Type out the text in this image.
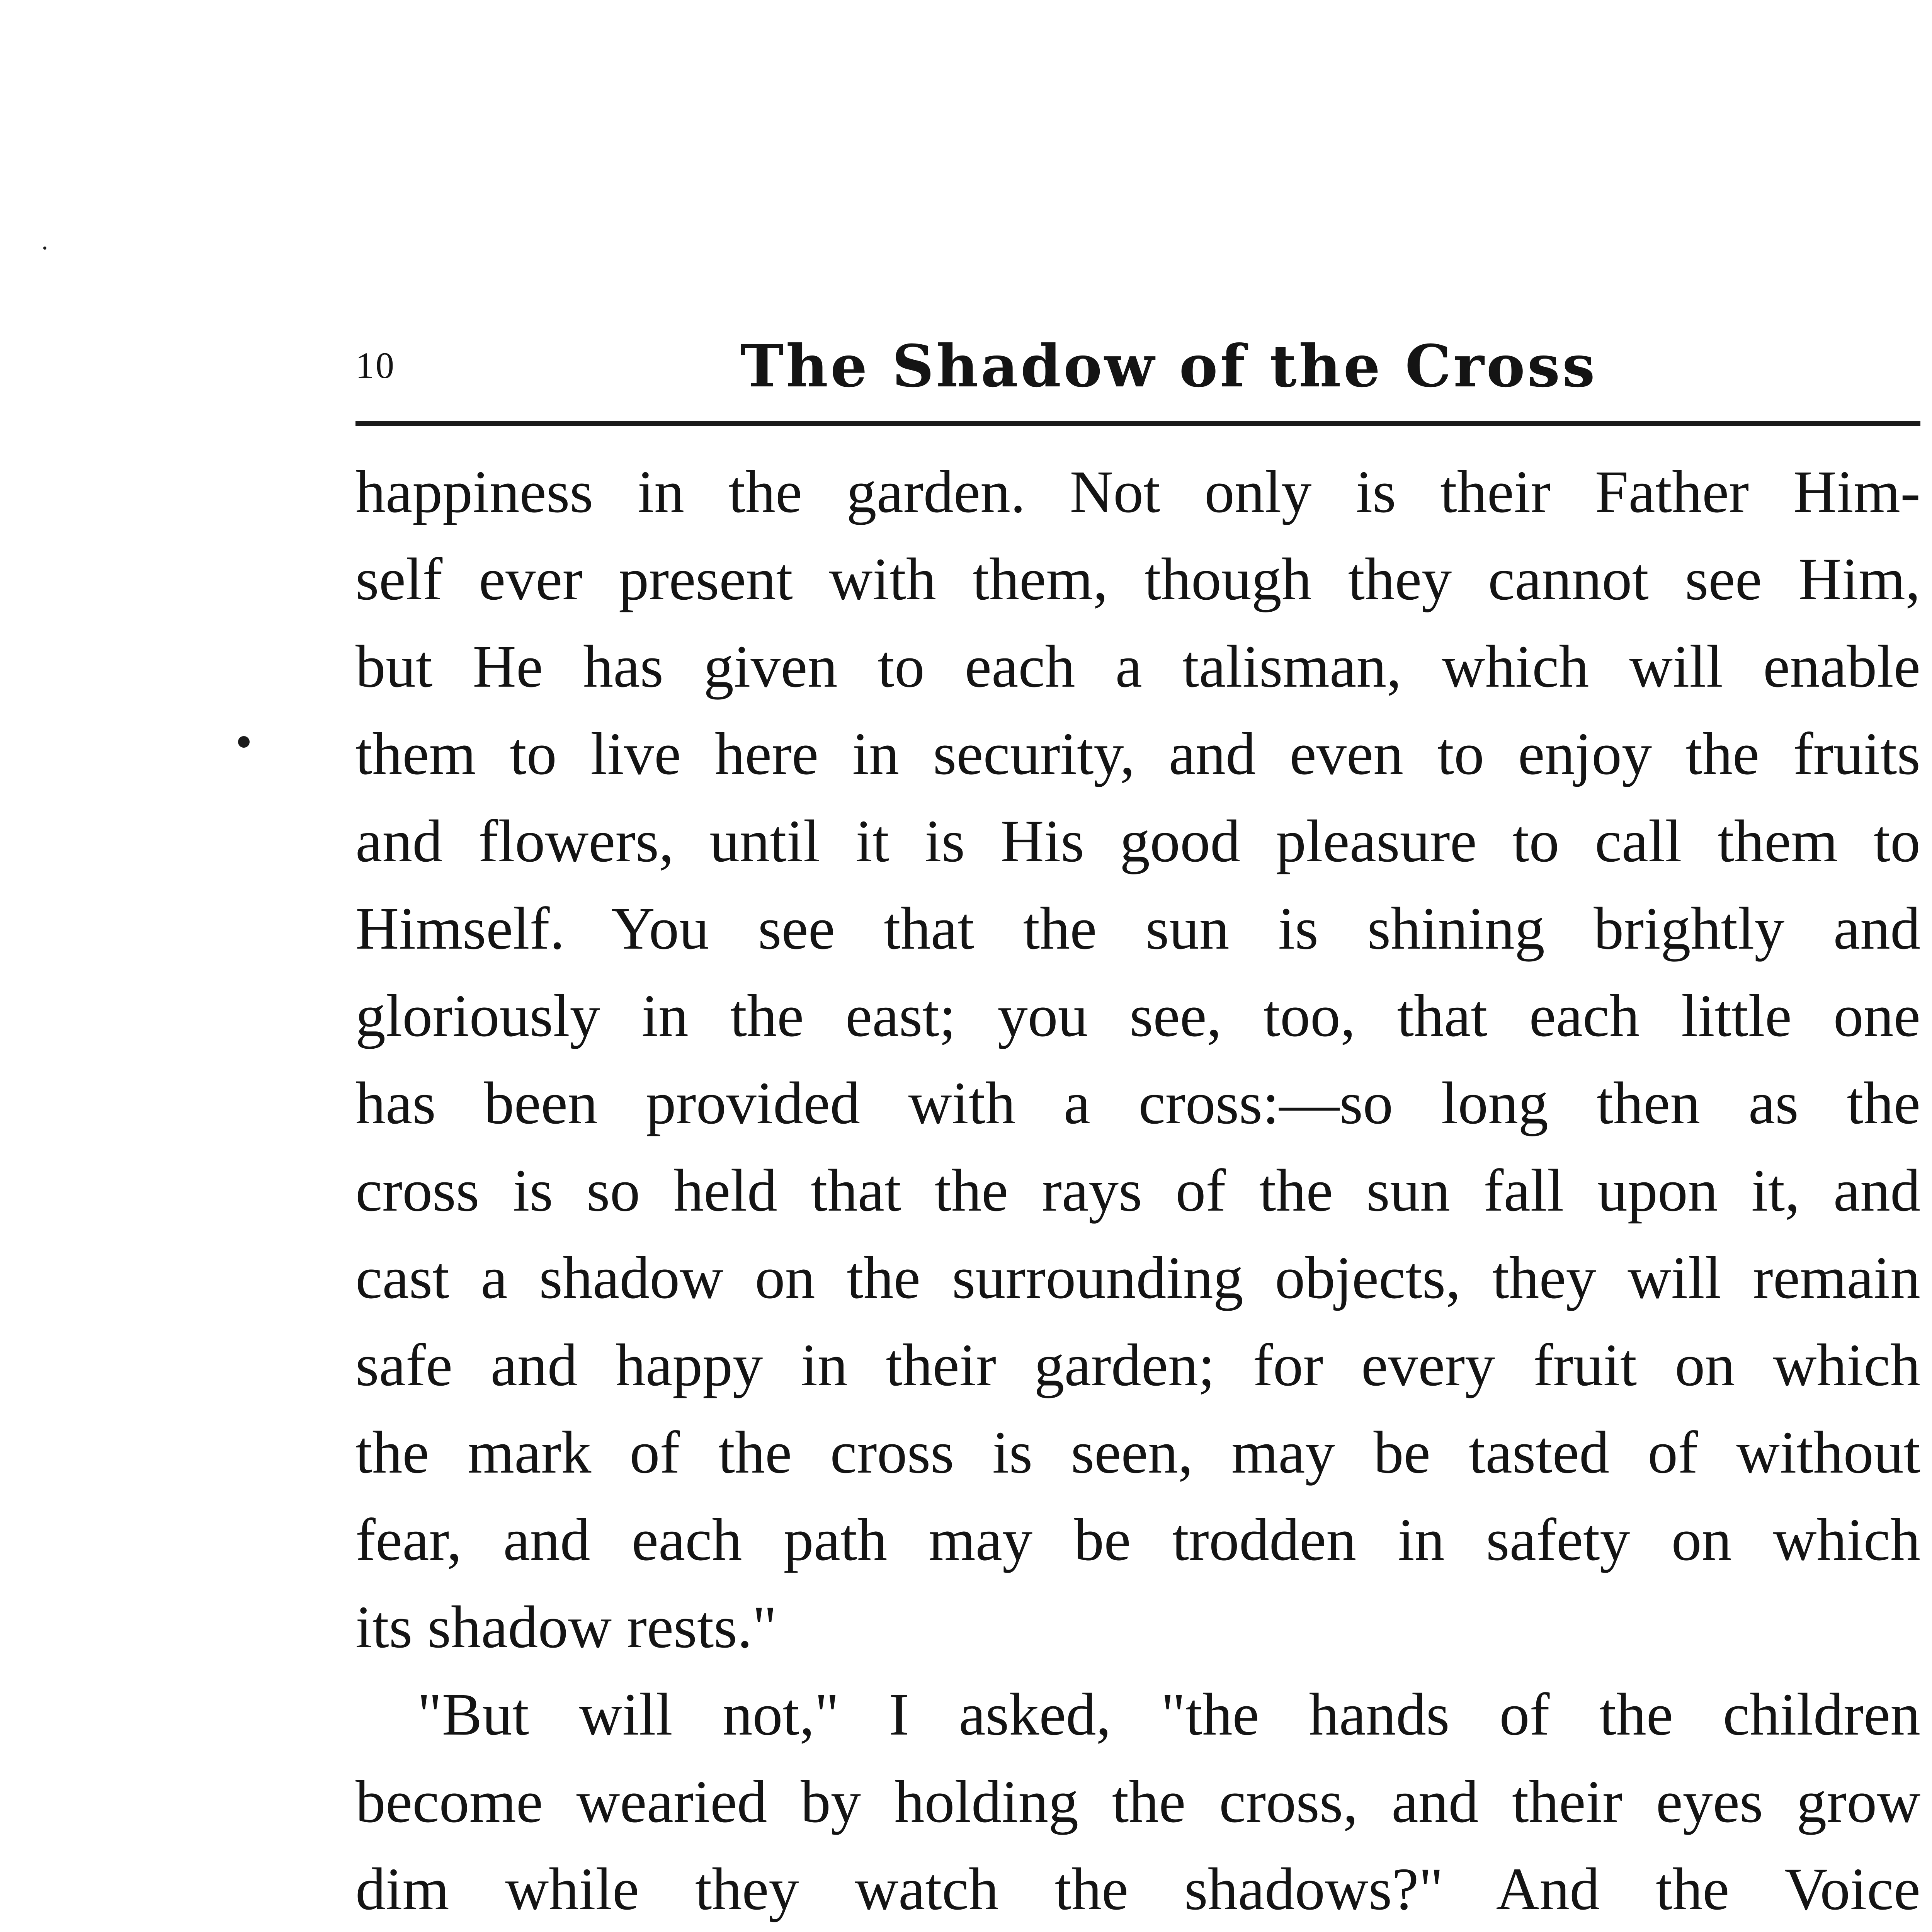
10	The Shadow of the Cross
happiness in the garden. Not only is their Father Him-
self ever present with them, though they cannot see Him,
but He has given to each a talisman, which will enable
them to live here in security, and even to enjoy the fruits
and flowers, until it is His good pleasure to call them to
Himself. You see that the sun is shining brightly and
gloriously in the east; you see, too, that each little one
has been provided with a cross:—so long then as the
cross is so held that the rays of the sun fall upon it, and
cast a shadow on the surrounding objects, they will remain
safe and happy in their garden; for every fruit on which
the mark of the cross is seen, may be tasted of without
fear, and each path may be trodden in safety on which
its shadow rests."
"But will not," I asked, "the hands of the children
become wearied by holding the cross, and their eyes grow
dim while they watch the shadows?" And the Voice
